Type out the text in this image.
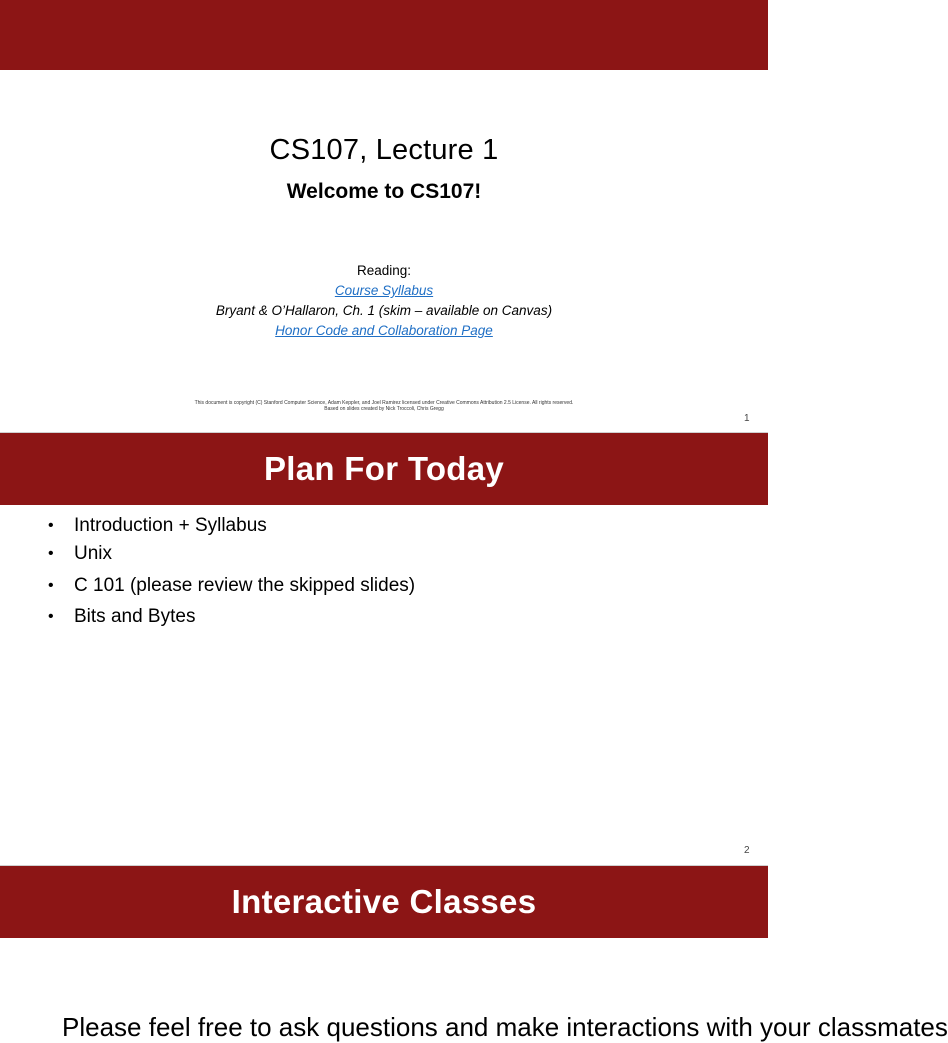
CS107, Lecture 1
Welcome to CS107!
Reading:
Course Syllabus
Bryant & O’Hallaron, Ch. 1 (skim – available on Canvas)
Honor Code and Collaboration Page
This document is copyright (C) Stanford Computer Science, Adam Keppler, and Joel Ramirez licensed under Creative Commons Attribution 2.5 License. All rights reserved.
Based on slides created by Nick Troccoli, Chris Gregg
1
Plan For Today
• Introduction + Syllabus
• Unix
• C 101 (please review the skipped slides)
• Bits and Bytes
2
Interactive Classes
Please feel free to ask questions and make interactions with your classmates
